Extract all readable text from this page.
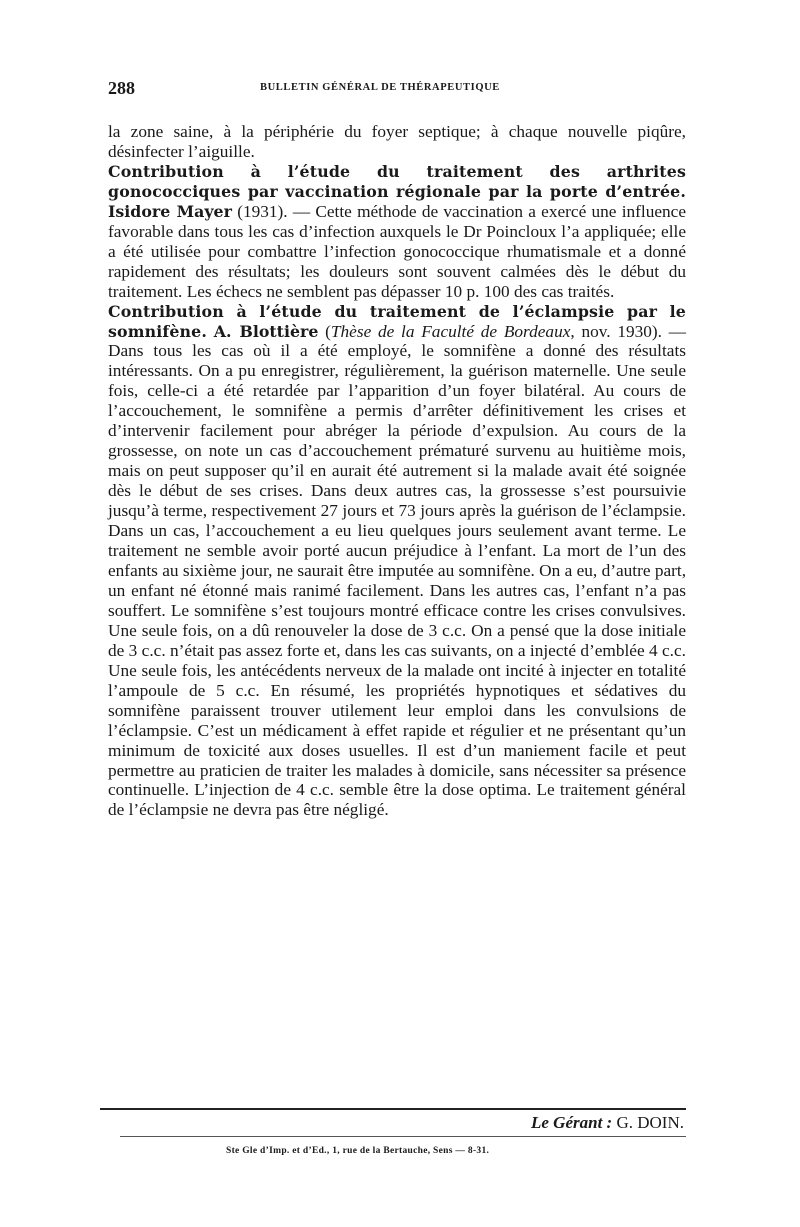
288	BULLETIN GÉNÉRAL DE THÉRAPEUTIQUE

la zone saine, à la périphérie du foyer septique; à chaque nouvelle piqûre, désinfecter l’aiguille.

Contribution à l’étude du traitement des arthrites gonococciques par vaccination régionale par la porte d’entrée. Isidore Mayer (1931). — Cette méthode de vaccination a exercé une influence favorable dans tous les cas d’infection auxquels le Dr Poincloux l’a appliquée; elle a été utilisée pour combattre l’infection gonococcique rhumatismale et a donné rapidement des résultats; les douleurs sont souvent calmées dès le début du traitement. Les échecs ne semblent pas dépasser 10 p. 100 des cas traités.

Contribution à l’étude du traitement de l’éclampsie par le somnifène. A. Blottière (Thèse de la Faculté de Bordeaux, nov. 1930). — Dans tous les cas où il a été employé, le somnifène a donné des résultats intéressants. On a pu enregistrer, régulièrement, la guérison maternelle. Une seule fois, celle-ci a été retardée par l’apparition d’un foyer bilatéral. Au cours de l’accouchement, le somnifène a permis d’arrêter définitivement les crises et d’intervenir facilement pour abréger la période d’expulsion. Au cours de la grossesse, on note un cas d’accouchement prématuré survenu au huitième mois, mais on peut supposer qu’il en aurait été autrement si la malade avait été soignée dès le début de ses crises. Dans deux autres cas, la grossesse s’est poursuivie jusqu’à terme, respectivement 27 jours et 73 jours après la guérison de l’éclampsie. Dans un cas, l’accouchement a eu lieu quelques jours seulement avant terme. Le traitement ne semble avoir porté aucun préjudice à l’enfant. La mort de l’un des enfants au sixième jour, ne saurait être imputée au somnifène. On a eu, d’autre part, un enfant né étonné mais ranimé facilement. Dans les autres cas, l’enfant n’a pas souffert. Le somnifène s’est toujours montré efficace contre les crises convulsives. Une seule fois, on a dû renouveler la dose de 3 c.c. On a pensé que la dose initiale de 3 c.c. n’était pas assez forte et, dans les cas suivants, on a injecté d’emblée 4 c.c. Une seule fois, les antécédents nerveux de la malade ont incité à injecter en totalité l’ampoule de 5 c.c. En résumé, les propriétés hypnotiques et sédatives du somnifène paraissent trouver utilement leur emploi dans les convulsions de l’éclampsie. C’est un médicament à effet rapide et régulier et ne présentant qu’un minimum de toxicité aux doses usuelles. Il est d’un maniement facile et peut permettre au praticien de traiter les malades à domicile, sans nécessiter sa présence continuelle. L’injection de 4 c.c. semble être la dose optima. Le traitement général de l’éclampsie ne devra pas être négligé.

Le Gérant : G. DOIN.
Ste Gle d’Imp. et d’Ed., 1, rue de la Bertauche, Sens — 8-31.
